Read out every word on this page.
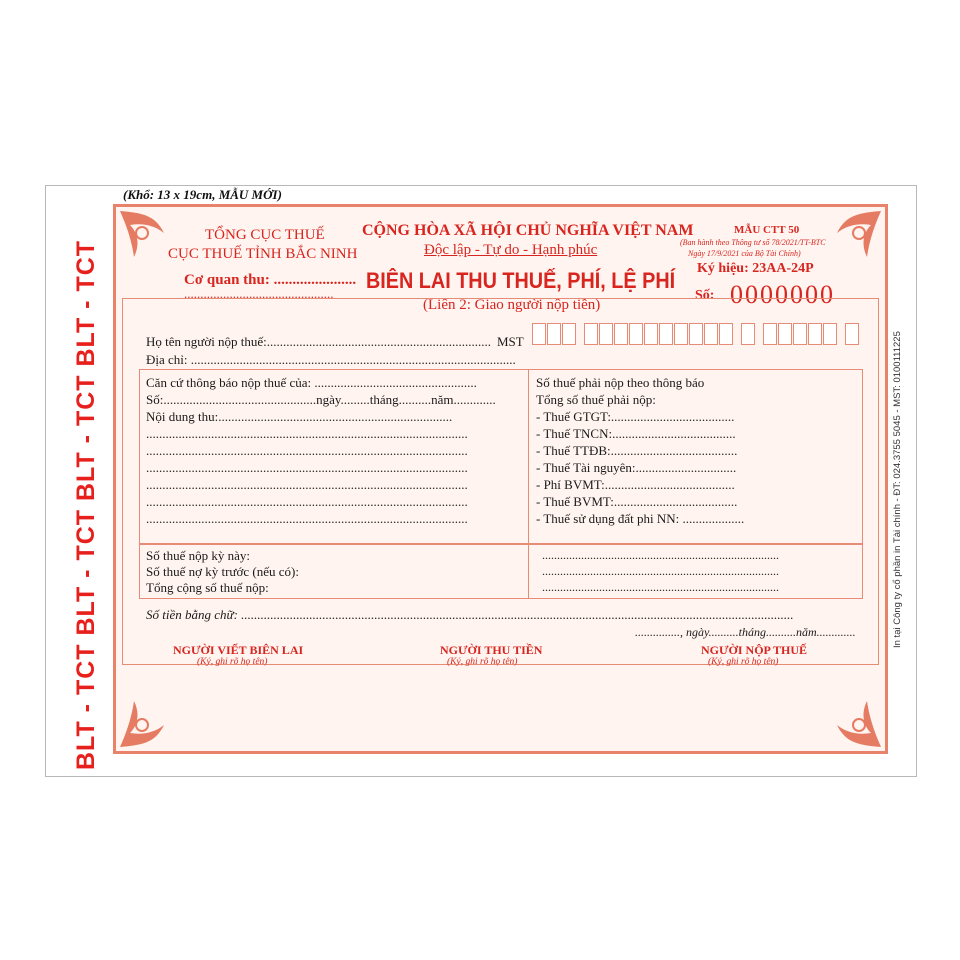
(Khổ: 13 x 19cm, MẪU MỚI)
BLT - TCT BLT - TCT BLT - TCT BLT - TCT
TỔNG CỤC THUẾ
CỤC THUẾ TỈNH BẮC NINH
CỘNG HÒA XÃ HỘI CHỦ NGHĨA VIỆT NAM
Độc lập - Tự do - Hạnh phúc
Cơ quan thu: ......................
..............................................
BIÊN LAI THU THUẾ, PHÍ, LỆ PHÍ
(Liên 2: Giao người nộp tiền)
MẪU CTT 50
(Ban hành theo Thông tư số 78/2021/TT-BTC
Ngày 17/9/2021 của Bộ Tài Chính)
Ký hiệu: 23AA-24P
Số: 0000000
Họ tên người nộp thuế:..................................................................... MST
Địa chỉ: ....................................................................................................
Căn cứ thông báo nộp thuế của: ..................................................
Số:...............................................ngày.........tháng..........năm.............
Nội dung thu:........................................................................
...................................................................................................
...................................................................................................
...................................................................................................
...................................................................................................
...................................................................................................
...................................................................................................
Số thuế phải nộp theo thông báo
Tổng số thuế phải nộp:
- Thuế GTGT:......................................
- Thuế TNCN:......................................
- Thuế TTĐB:.......................................
- Thuế Tài nguyên:...............................
- Phí BVMT:........................................
- Thuế BVMT:......................................
- Thuế sử dụng đất phi NN: ...................
Số thuế nộp kỳ này:
Số thuế nợ kỳ trước (nếu có):
Tổng cộng số thuế nộp:
...............................................................................
...............................................................................
...............................................................................
Số tiền bằng chữ: ..........................................................................................................................................................................
..............., ngày..........tháng..........năm.............
NGƯỜI VIẾT BIÊN LAI
(Ký, ghi rõ họ tên)
NGƯỜI THU TIỀN
(Ký, ghi rõ họ tên)
NGƯỜI NỘP THUẾ
(Ký, ghi rõ họ tên)
In tại Công ty cổ phần in Tài chính - ĐT: 024.3755 5045 - MST: 0100111225
